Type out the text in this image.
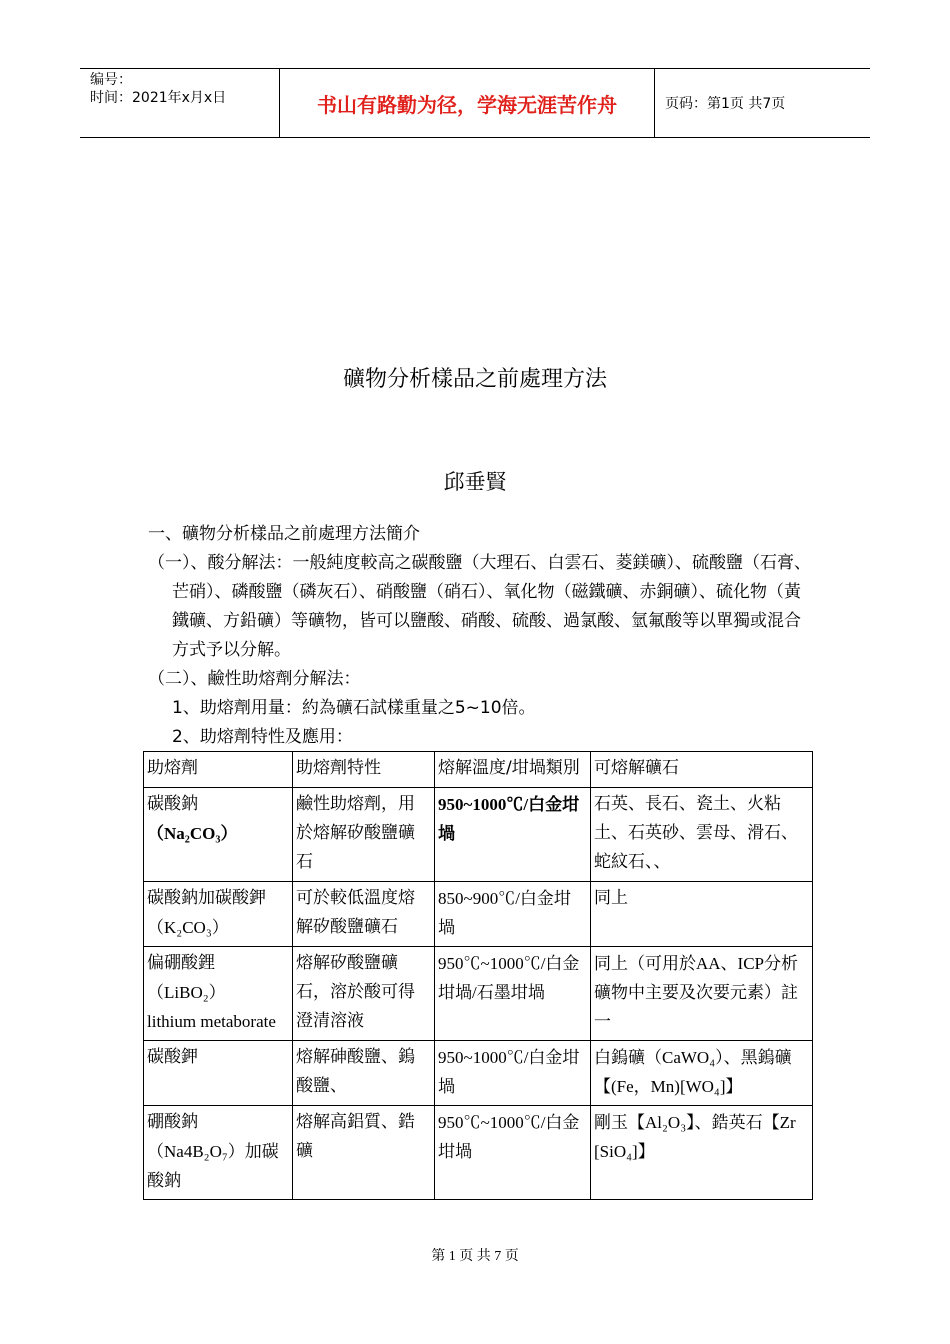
编号：
时间：2021年x月x日	书山有路勤为径，学海无涯苦作舟	页码：第1页 共7页
礦物分析樣品之前處理方法
邱垂賢

一、礦物分析樣品之前處理方法簡介

（一）、酸分解法：一般純度較高之碳酸鹽（大理石、白雲石、菱鎂礦）、硫酸鹽（石膏、芒硝）、磷酸鹽（磷灰石）、硝酸鹽（硝石）、氧化物（磁鐵礦、赤銅礦）、硫化物（黃鐵礦、方鉛礦）等礦物，皆可以鹽酸、硝酸、硫酸、過氯酸、氫氟酸等以單獨或混合方式予以分解。

（二）、鹼性助熔劑分解法：

1、助熔劑用量：約為礦石試樣重量之5~10倍。

2、助熔劑特性及應用：

助熔劑	助熔劑特性	熔解溫度/坩堝類別	可熔解礦石

碳酸鈉
（Na₂CO₃）	鹼性助熔劑，用於熔解矽酸鹽礦石	950~1000℃/白金坩堝	石英、長石、瓷土、火粘土、石英砂、雲母、滑石、蛇紋石、、

碳酸鈉加碳酸鉀
（K₂CO₃）	可於較低溫度熔解矽酸鹽礦石	850~900℃/白金坩堝	同上

偏硼酸鋰
（LiBO₂）
lithium metaborate	熔解矽酸鹽礦石，溶於酸可得澄清溶液	950℃~1000℃/白金坩堝/石墨坩堝	同上（可用於AA、ICP分析礦物中主要及次要元素）註一

碳酸鉀	熔解砷酸鹽、鎢酸鹽、	950~1000℃/白金坩堝	白鎢礦（CaWO₄）、黑鎢礦【(Fe，Mn)[WO₄]】

硼酸鈉
（Na4B₂O₇）加碳酸鈉	熔解高鋁質、鋯礦	950℃~1000℃/白金坩堝	剛玉【Al₂O₃】、鋯英石【Zr[SiO₄]】
第 1 页 共 7 页
